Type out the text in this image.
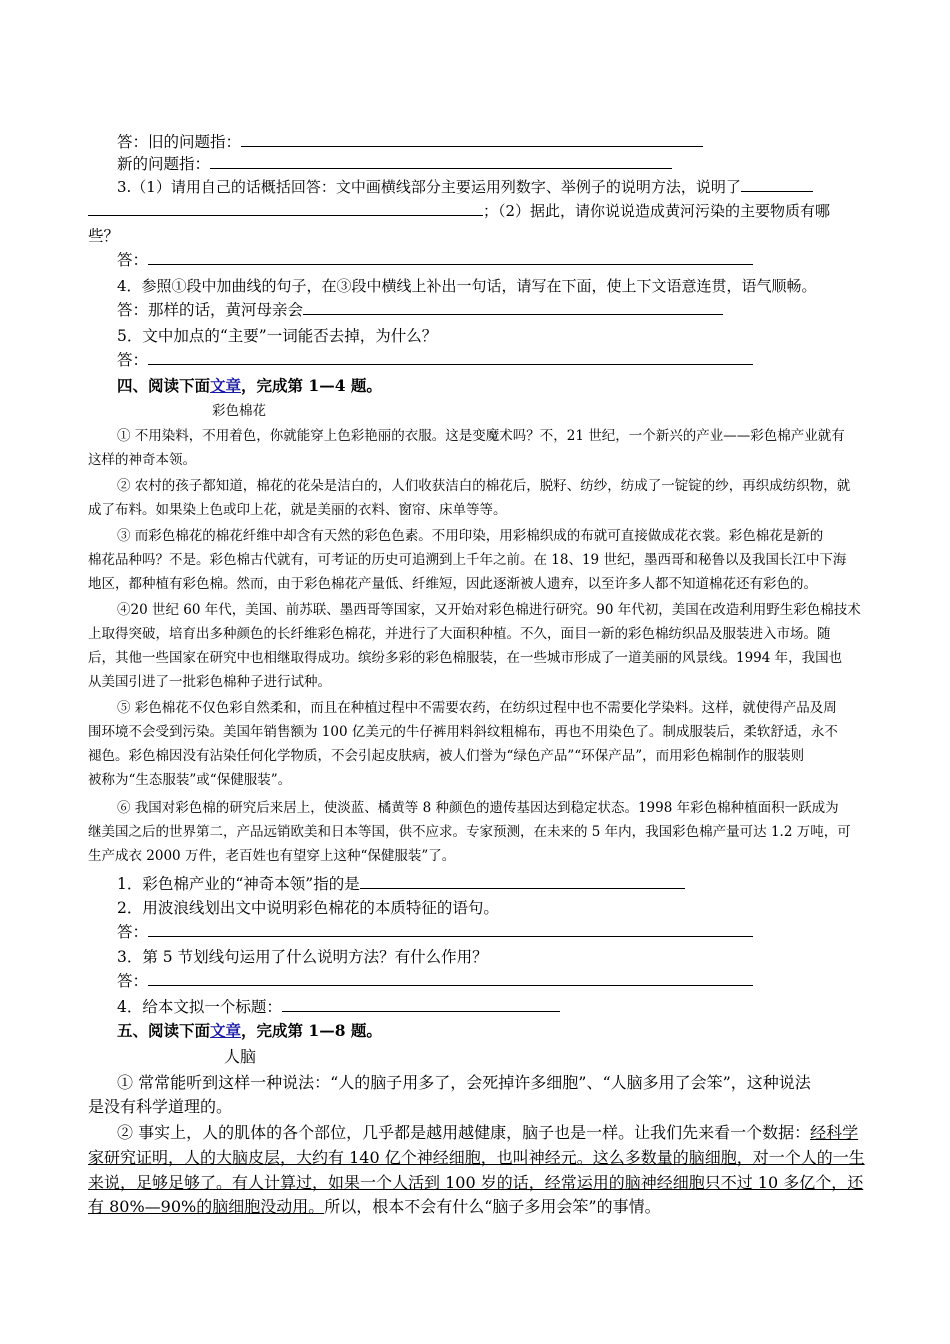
答：旧的问题指：
新的问题指：
3.（1）请用自己的话概括回答：文中画横线部分主要运用列数字、举例子的说明方法，说明了
；（2）据此，请你说说造成黄河污染的主要物质有哪
些？
答：
4．参照①段中加曲线的句子，在③段中横线上补出一句话，请写在下面，使上下文语意连贯，语气顺畅。
答：那样的话，黄河母亲会
5．文中加点的“主要”一词能否去掉，为什么？
答：
四、阅读下面文章，完成第 1—4 题。
彩色棉花
① 不用染料，不用着色，你就能穿上色彩艳丽的衣服。这是变魔术吗？不，21 世纪，一个新兴的产业——彩色棉产业就有
这样的神奇本领。
② 农村的孩子都知道，棉花的花朵是洁白的，人们收获洁白的棉花后，脱籽、纺纱，纺成了一锭锭的纱，再织成纺织物，就
成了布料。如果染上色或印上花，就是美丽的衣料、窗帘、床单等等。
③ 而彩色棉花的棉花纤维中却含有天然的彩色色素。不用印染，用彩棉织成的布就可直接做成花衣裳。彩色棉花是新的
棉花品种吗？不是。彩色棉古代就有，可考证的历史可追溯到上千年之前。在 18、19 世纪，墨西哥和秘鲁以及我国长江中下海
地区，都种植有彩色棉。然而，由于彩色棉花产量低、纤维短，因此逐渐被人遗弃，以至许多人都不知道棉花还有彩色的。
④20 世纪 60 年代，美国、前苏联、墨西哥等国家，又开始对彩色棉进行研究。90 年代初，美国在改造利用野生彩色棉技术
上取得突破，培育出多种颜色的长纤维彩色棉花，并进行了大面积种植。不久，面目一新的彩色棉纺织品及服装进入市场。随
后，其他一些国家在研究中也相继取得成功。缤纷多彩的彩色棉服装，在一些城市形成了一道美丽的风景线。1994 年，我国也
从美国引进了一批彩色棉种子进行试种。
⑤ 彩色棉花不仅色彩自然柔和，而且在种植过程中不需要农药，在纺织过程中也不需要化学染料。这样，就使得产品及周
围环境不会受到污染。美国年销售额为 100 亿美元的牛仔裤用料斜纹粗棉布，再也不用染色了。制成服装后，柔软舒适，永不
褪色。彩色棉因没有沾染任何化学物质，不会引起皮肤病，被人们誉为“绿色产品”“环保产品”，而用彩色棉制作的服装则
被称为“生态服装”或“保健服装”。
⑥ 我国对彩色棉的研究后来居上，使淡蓝、橘黄等 8 种颜色的遗传基因达到稳定状态。1998 年彩色棉种植面积一跃成为
继美国之后的世界第二，产品远销欧美和日本等国，供不应求。专家预测，在未来的 5 年内，我国彩色棉产量可达 1.2 万吨，可
生产成衣 2000 万件，老百姓也有望穿上这种“保健服装”了。
1．彩色棉产业的“神奇本领”指的是
2．用波浪线划出文中说明彩色棉花的本质特征的语句。
答：
3．第 5 节划线句运用了什么说明方法？有什么作用？
答：
4．给本文拟一个标题：
五、阅读下面文章，完成第 1—8 题。
人脑
① 常常能听到这样一种说法：“人的脑子用多了，会死掉许多细胞”、“人脑多用了会笨”，这种说法
是没有科学道理的。
② 事实上，人的肌体的各个部位，几乎都是越用越健康，脑子也是一样。让我们先来看一个数据：经科学
家研究证明，人的大脑皮层，大约有 140 亿个神经细胞，也叫神经元。这么多数量的脑细胞，对一个人的一生
来说，足够足够了。有人计算过，如果一个人活到 100 岁的话，经常运用的脑神经细胞只不过 10 多亿个，还
有 80%—90%的脑细胞没动用。所以，根本不会有什么“脑子多用会笨”的事情。
